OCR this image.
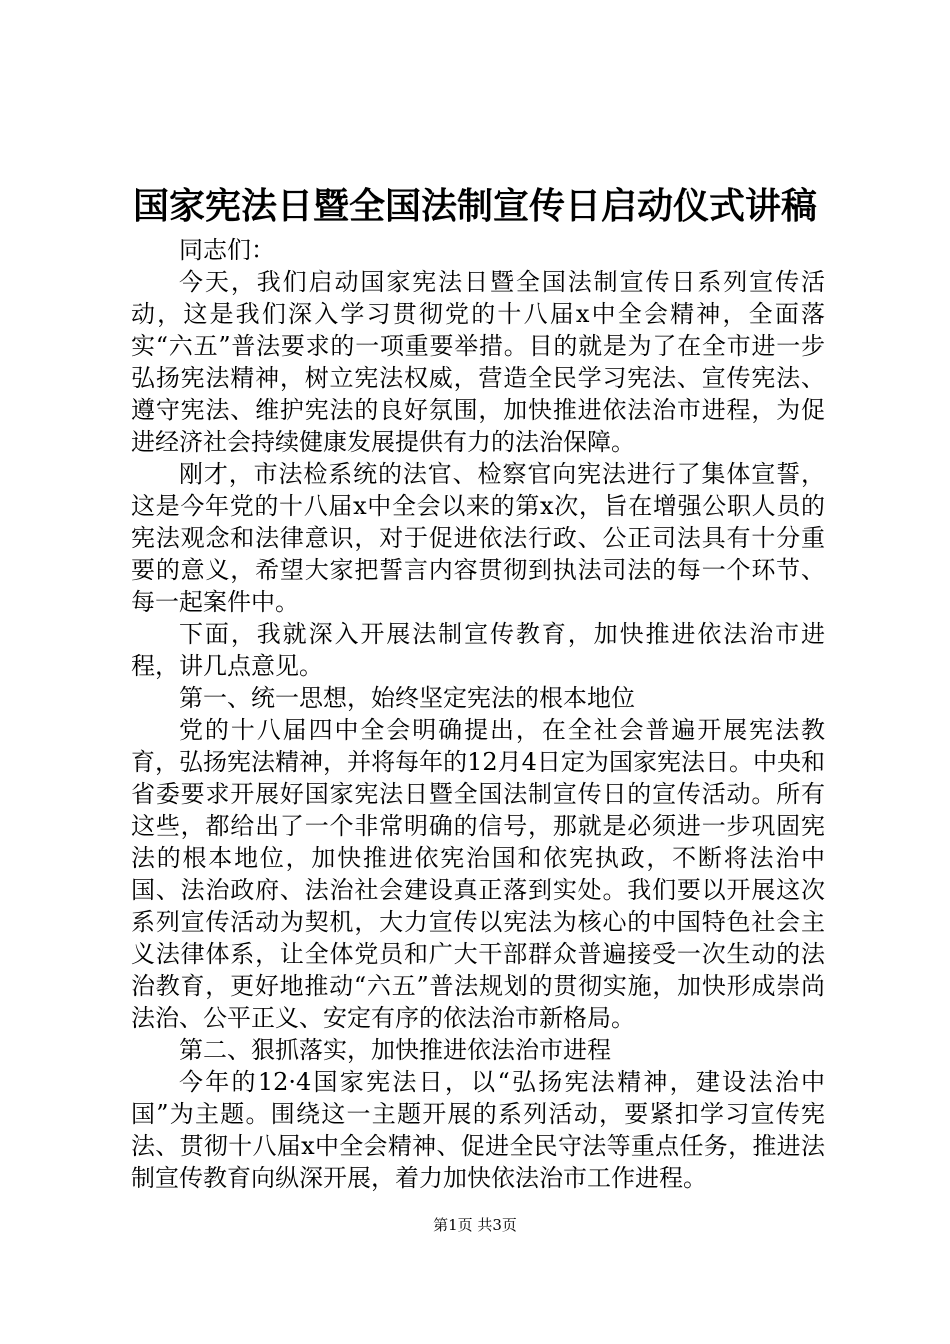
国家宪法日暨全国法制宣传日启动仪式讲稿

同志们：

今天，我们启动国家宪法日暨全国法制宣传日系列宣传活动，这是我们深入学习贯彻党的十八届x中全会精神，全面落实“六五”普法要求的一项重要举措。目的就是为了在全市进一步弘扬宪法精神，树立宪法权威，营造全民学习宪法、宣传宪法、遵守宪法、维护宪法的良好氛围，加快推进依法治市进程，为促进经济社会持续健康发展提供有力的法治保障。

刚才，市法检系统的法官、检察官向宪法进行了集体宣誓，这是今年党的十八届x中全会以来的第x次，旨在增强公职人员的宪法观念和法律意识，对于促进依法行政、公正司法具有十分重要的意义，希望大家把誓言内容贯彻到执法司法的每一个环节、每一起案件中。

下面，我就深入开展法制宣传教育，加快推进依法治市进程，讲几点意见。

第一、统一思想，始终坚定宪法的根本地位

党的十八届四中全会明确提出，在全社会普遍开展宪法教育，弘扬宪法精神，并将每年的12月4日定为国家宪法日。中央和省委要求开展好国家宪法日暨全国法制宣传日的宣传活动。所有这些，都给出了一个非常明确的信号，那就是必须进一步巩固宪法的根本地位，加快推进依宪治国和依宪执政，不断将法治中国、法治政府、法治社会建设真正落到实处。我们要以开展这次系列宣传活动为契机，大力宣传以宪法为核心的中国特色社会主义法律体系，让全体党员和广大干部群众普遍接受一次生动的法治教育，更好地推动“六五”普法规划的贯彻实施，加快形成崇尚法治、公平正义、安定有序的依法治市新格局。

第二、狠抓落实，加快推进依法治市进程

今年的12·4国家宪法日，以“弘扬宪法精神，建设法治中国”为主题。围绕这一主题开展的系列活动，要紧扣学习宣传宪法、贯彻十八届x中全会精神、促进全民守法等重点任务，推进法制宣传教育向纵深开展，着力加快依法治市工作进程。

第1页 共3页
